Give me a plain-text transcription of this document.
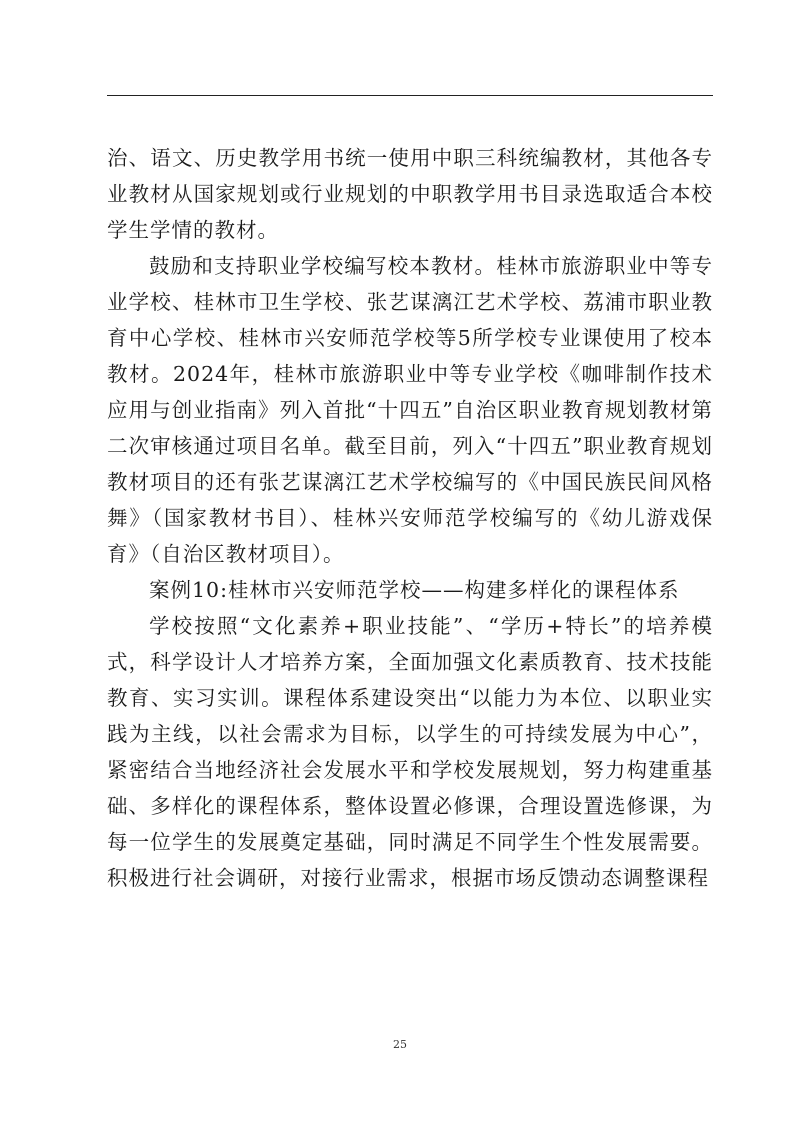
治、语文、历史教学用书统一使用中职三科统编教材，其他各专业教材从国家规划或行业规划的中职教学用书目录选取适合本校学生学情的教材。

鼓励和支持职业学校编写校本教材。桂林市旅游职业中等专业学校、桂林市卫生学校、张艺谋漓江艺术学校、荔浦市职业教育中心学校、桂林市兴安师范学校等5所学校专业课使用了校本教材。2024年，桂林市旅游职业中等专业学校《咖啡制作技术应用与创业指南》列入首批“十四五”自治区职业教育规划教材第二次审核通过项目名单。截至目前，列入“十四五”职业教育规划教材项目的还有张艺谋漓江艺术学校编写的《中国民族民间风格舞》（国家教材书目）、桂林兴安师范学校编写的《幼儿游戏保育》（自治区教材项目）。

案例10:桂林市兴安师范学校——构建多样化的课程体系

学校按照“文化素养+职业技能”、“学历+特长”的培养模式，科学设计人才培养方案，全面加强文化素质教育、技术技能教育、实习实训。课程体系建设突出“以能力为本位、以职业实践为主线，以社会需求为目标，以学生的可持续发展为中心”，紧密结合当地经济社会发展水平和学校发展规划，努力构建重基础、多样化的课程体系，整体设置必修课，合理设置选修课，为每一位学生的发展奠定基础，同时满足不同学生个性发展需要。积极进行社会调研，对接行业需求，根据市场反馈动态调整课程

25
